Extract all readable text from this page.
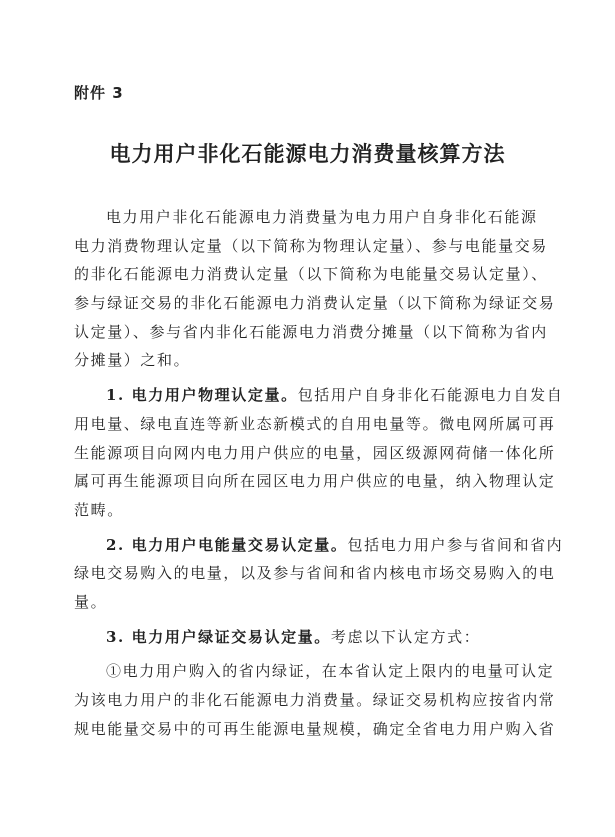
附件 3
电力用户非化石能源电力消费量核算方法
电力用户非化石能源电力消费量为电力用户自身非化石能源
电力消费物理认定量（以下简称为物理认定量）、参与电能量交易
的非化石能源电力消费认定量（以下简称为电能量交易认定量）、
参与绿证交易的非化石能源电力消费认定量（以下简称为绿证交易
认定量）、参与省内非化石能源电力消费分摊量（以下简称为省内
分摊量）之和。
1. 电力用户物理认定量。包括用户自身非化石能源电力自发自
用电量、绿电直连等新业态新模式的自用电量等。微电网所属可再
生能源项目向网内电力用户供应的电量，园区级源网荷储一体化所
属可再生能源项目向所在园区电力用户供应的电量，纳入物理认定
范畴。
2. 电力用户电能量交易认定量。包括电力用户参与省间和省内
绿电交易购入的电量，以及参与省间和省内核电市场交易购入的电
量。
3. 电力用户绿证交易认定量。考虑以下认定方式：
①电力用户购入的省内绿证，在本省认定上限内的电量可认定
为该电力用户的非化石能源电力消费量。绿证交易机构应按省内常
规电能量交易中的可再生能源电量规模，确定全省电力用户购入省
